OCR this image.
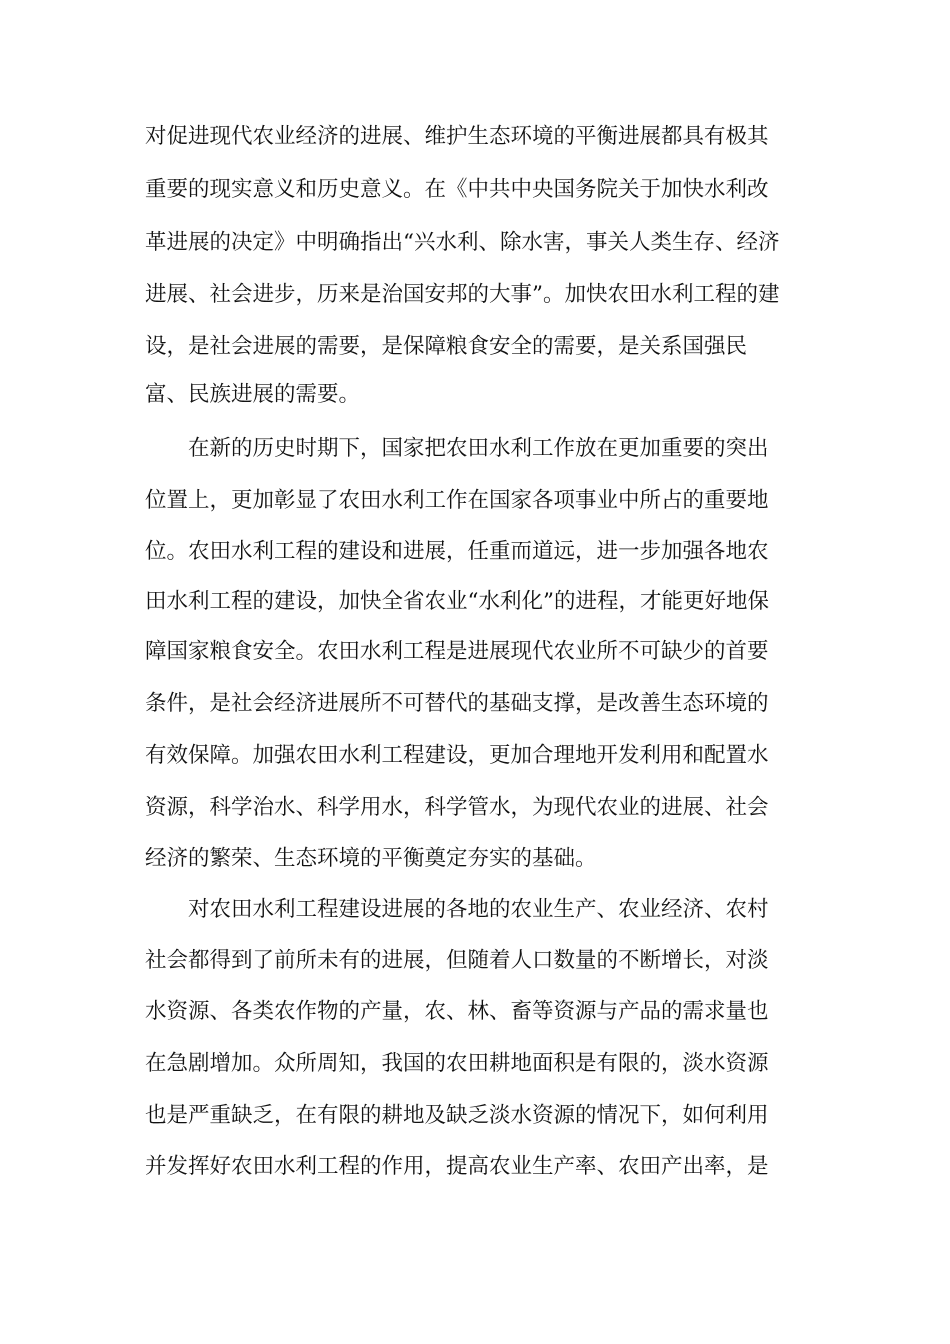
对促进现代农业经济的进展、维护生态环境的平衡进展都具有极其

重要的现实意义和历史意义。在《中共中央国务院关于加快水利改

革进展的决定》中明确指出“兴水利、除水害，事关人类生存、经济

进展、社会进步，历来是治国安邦的大事”。加快农田水利工程的建

设，是社会进展的需要，是保障粮食安全的需要，是关系国强民

富、民族进展的需要。

在新的历史时期下，国家把农田水利工作放在更加重要的突出

位置上，更加彰显了农田水利工作在国家各项事业中所占的重要地

位。农田水利工程的建设和进展，任重而道远，进一步加强各地农

田水利工程的建设，加快全省农业“水利化”的进程，才能更好地保

障国家粮食安全。农田水利工程是进展现代农业所不可缺少的首要

条件，是社会经济进展所不可替代的基础支撑，是改善生态环境的

有效保障。加强农田水利工程建设，更加合理地开发利用和配置水

资源，科学治水、科学用水，科学管水，为现代农业的进展、社会

经济的繁荣、生态环境的平衡奠定夯实的基础。

对农田水利工程建设进展的各地的农业生产、农业经济、农村

社会都得到了前所未有的进展，但随着人口数量的不断增长，对淡

水资源、各类农作物的产量，农、林、畜等资源与产品的需求量也

在急剧增加。众所周知，我国的农田耕地面积是有限的，淡水资源

也是严重缺乏，在有限的耕地及缺乏淡水资源的情况下，如何利用

并发挥好农田水利工程的作用，提高农业生产率、农田产出率，是
